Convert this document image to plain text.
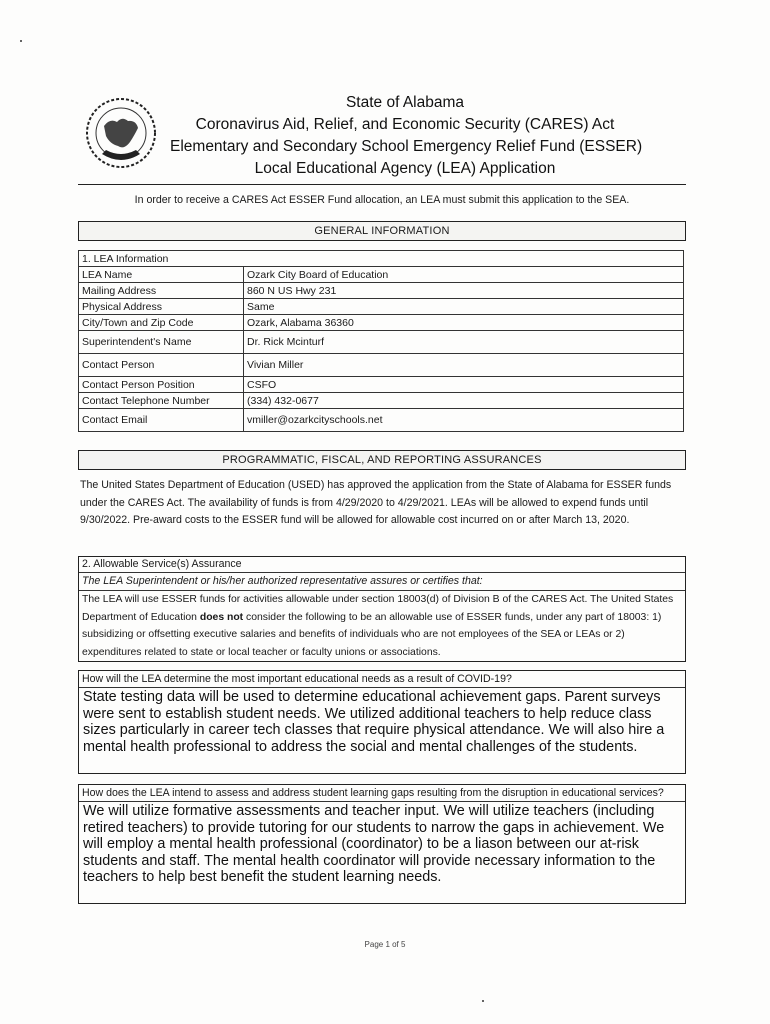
State of Alabama
Coronavirus Aid, Relief, and Economic Security (CARES) Act
Elementary and Secondary School Emergency Relief Fund (ESSER)
Local Educational Agency (LEA) Application
In order to receive a CARES Act ESSER Fund allocation, an LEA must submit this application to the SEA.
GENERAL INFORMATION
1. LEA Information	
LEA Name	Ozark City Board of Education
Mailing Address	860 N US Hwy 231
Physical Address	Same
City/Town and Zip Code	Ozark, Alabama 36360
Superintendent's Name	Dr. Rick Mcinturf
Contact Person	Vivian Miller
Contact Person Position	CSFO
Contact Telephone Number	(334) 432-0677
Contact Email	vmiller@ozarkcityschools.net
PROGRAMMATIC, FISCAL, AND REPORTING ASSURANCES
The United States Department of Education (USED) has approved the application from the State of Alabama for ESSER funds under the CARES Act. The availability of funds is from 4/29/2020 to 4/29/2021. LEAs will be allowed to expend funds until 9/30/2022. Pre-award costs to the ESSER fund will be allowed for allowable cost incurred on or after March 13, 2020.
2. Allowable Service(s) Assurance
The LEA Superintendent or his/her authorized representative assures or certifies that:
The LEA will use ESSER funds for activities allowable under section 18003(d) of Division B of the CARES Act. The United States Department of Education does not consider the following to be an allowable use of ESSER funds, under any part of 18003: 1) subsidizing or offsetting executive salaries and benefits of individuals who are not employees of the SEA or LEAs or 2) expenditures related to state or local teacher or faculty unions or associations.
How will the LEA determine the most important educational needs as a result of COVID-19?
State testing data will be used to determine educational achievement gaps. Parent surveys were sent to establish student needs. We utilized additional teachers to help reduce class sizes particularly in career tech classes that require physical attendance. We will also hire a mental health professional to address the social and mental challenges of the students.
How does the LEA intend to assess and address student learning gaps resulting from the disruption in educational services?
We will utilize formative assessments and teacher input. We will utilize teachers (including retired teachers) to provide tutoring for our students to narrow the gaps in achievement. We will employ a mental health professional (coordinator) to be a liason between our at-risk students and staff. The mental health coordinator will provide necessary information to the teachers to help best benefit the student learning needs.
Page 1 of 5
